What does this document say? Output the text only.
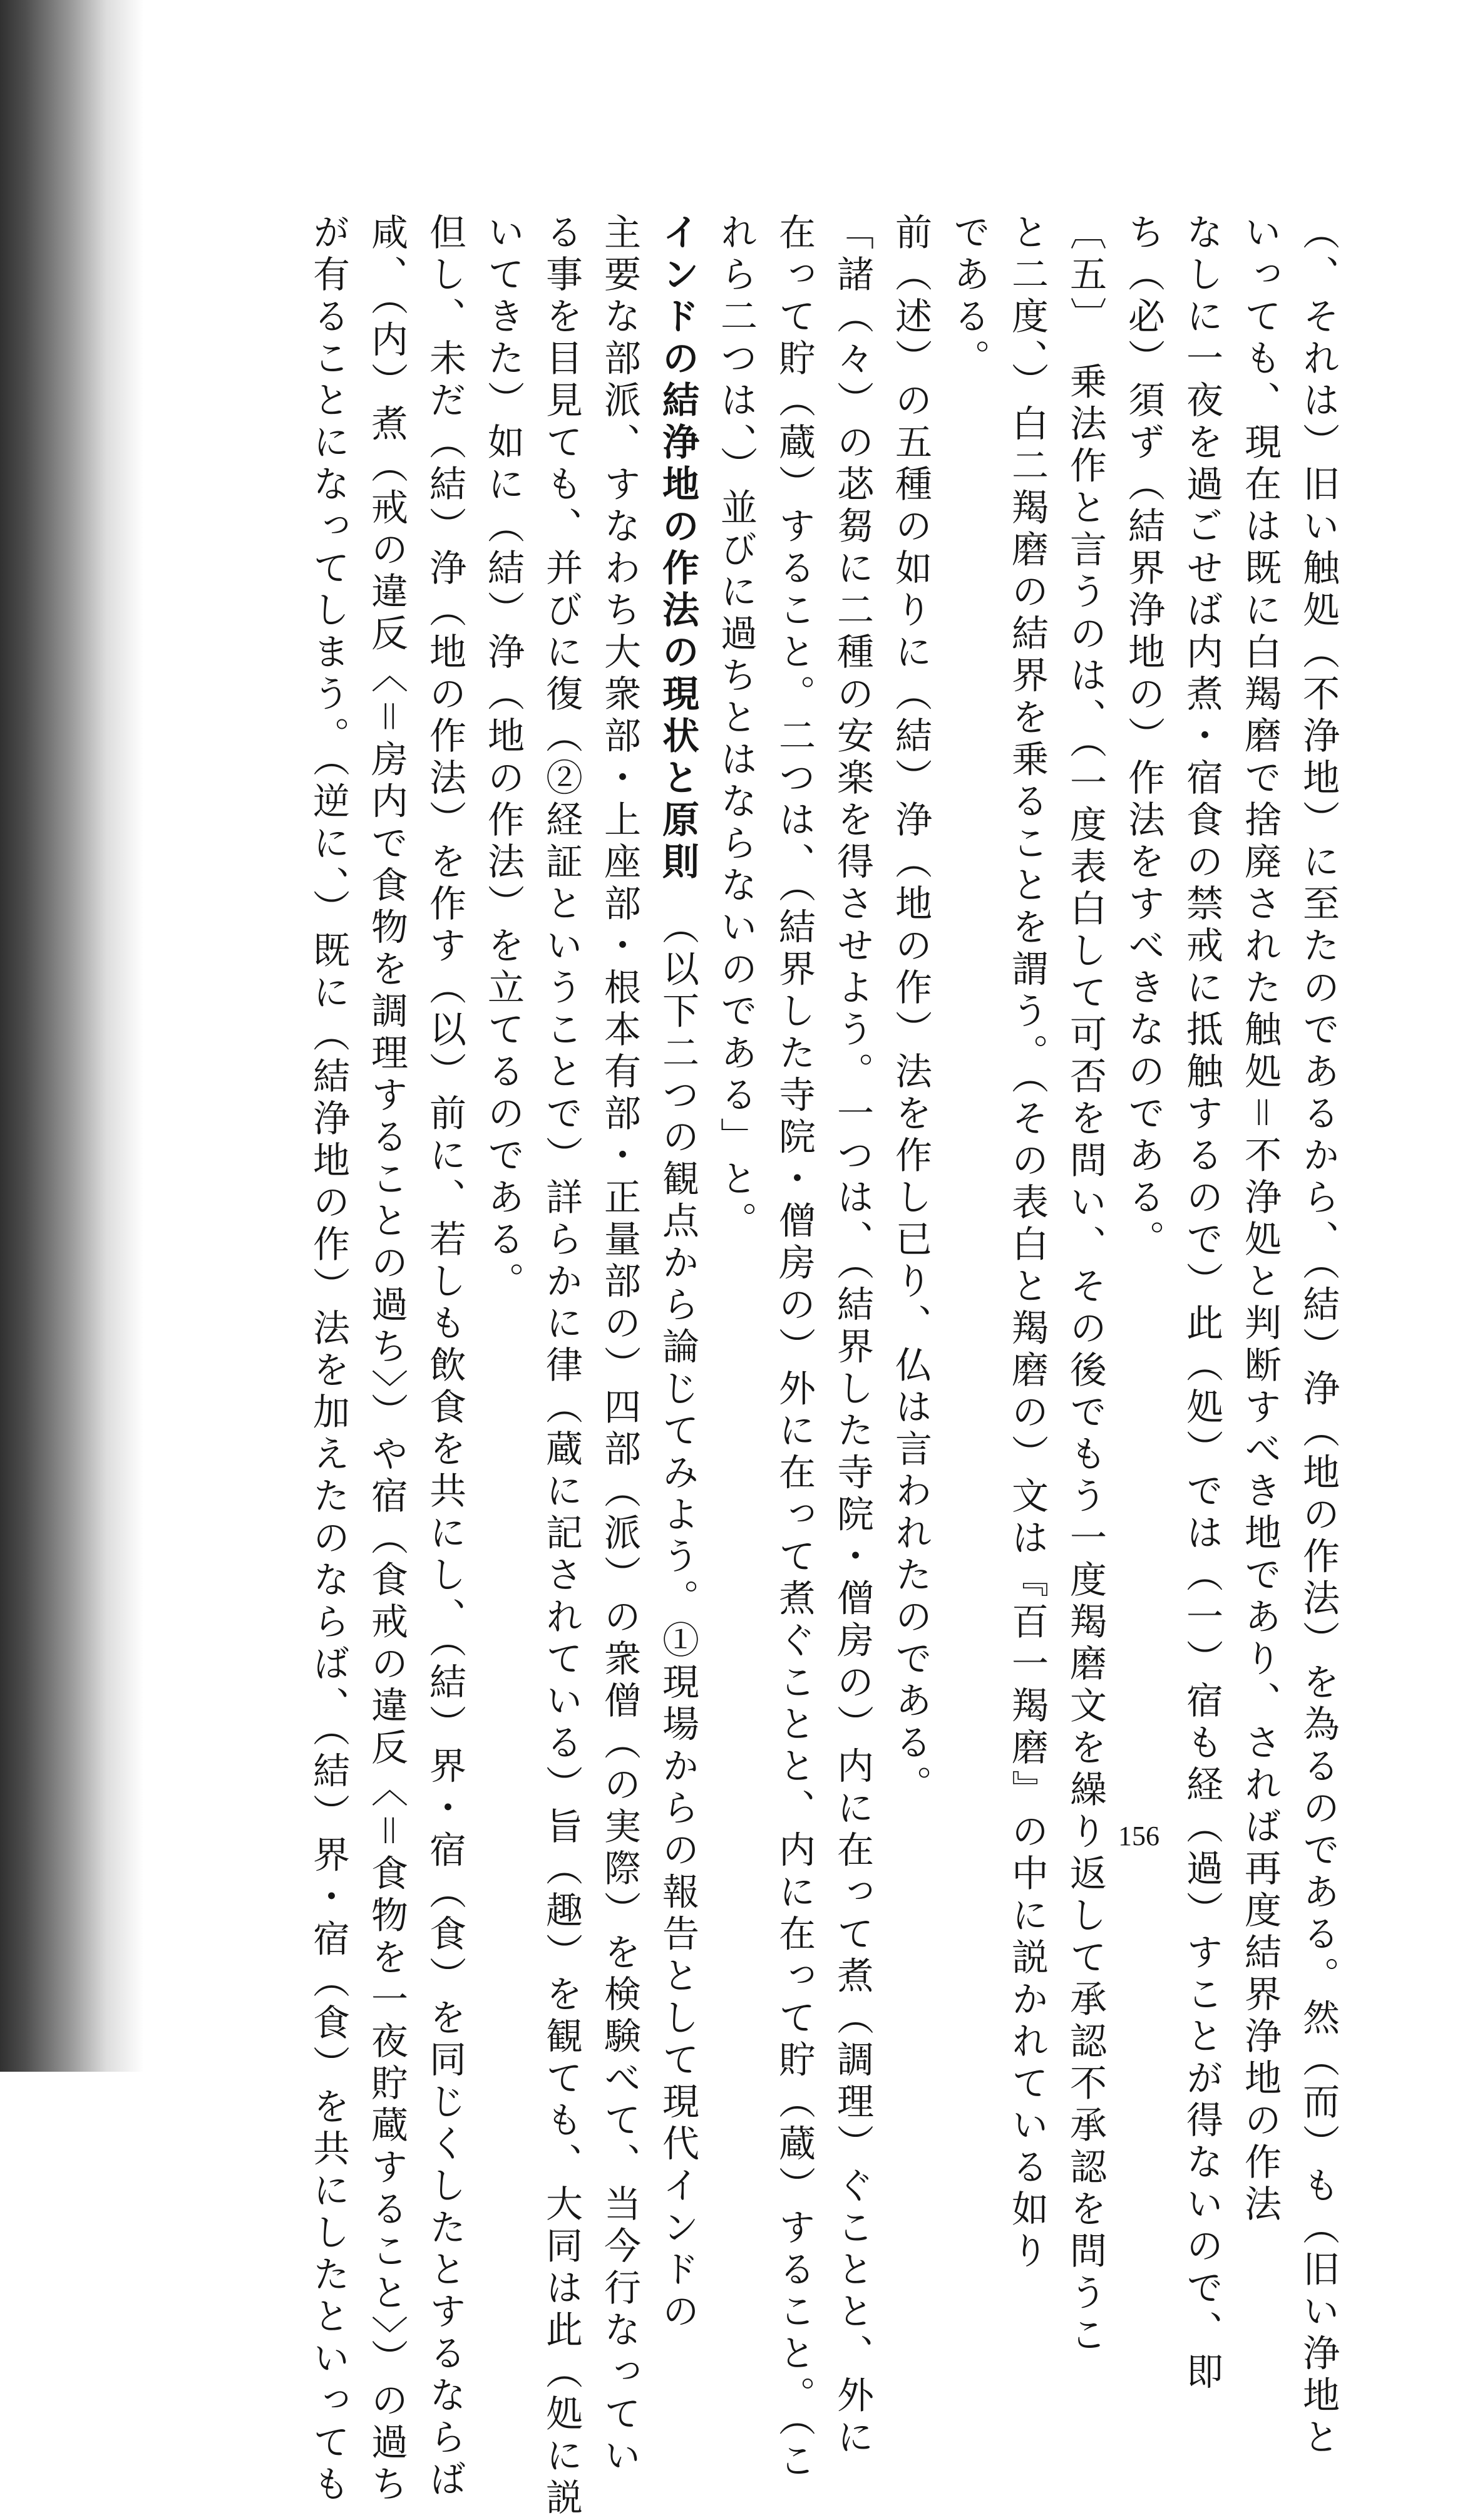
（、それは）旧い触処（不浄地）に至たのであるから、（結）浄（地の作法）を為るのである。然（而）も（旧い浄地と
いっても、現在は既に白羯磨で捨廃された触処＝不浄処と判断すべき地であり、されば再度結界浄地の作法
なしに一夜を過ごせば内煮・宿食の禁戒に抵触するので）此（処）では（一）宿も経（過）すことが得ないので、即
ち（必）須ず（結界浄地の）作法をすべきなのである。
〔五〕　乗法作と言うのは、（一度表白して可否を問い、その後でもう一度羯磨文を繰り返して承認不承認を問うこ
と二度、）白二羯磨の結界を乗ることを謂う。（その表白と羯磨の）文は『百一羯磨』の中に説かれている如り
である。
前（述）の五種の如りに（結）浄（地の作）法を作し已り、仏は言われたのである。
「諸（々）の苾芻に二種の安楽を得させよう。一つは、（結界した寺院・僧房の）内に在って煮（調理）ぐことと、外に
在って貯（蔵）すること。二つは、（結界した寺院・僧房の）外に在って煮ぐことと、内に在って貯（蔵）すること。（こ
れら二つは、）並びに過ちとはならないのである」と。
インドの結浄地の作法の現状と原則　（以下二つの観点から論じてみよう。①現場からの報告として現代インドの
主要な部派、すなわち大衆部・上座部・根本有部・正量部の）四部（派）の衆僧（の実際）を検験べて、当今行なってい
る事を目見ても、并びに復（②経証ということで）詳らかに律（蔵に記されている）旨（趣）を観ても、大同は此（処に説
いてきた）如に（結）浄（地の作法）を立てるのである。
但し、未だ（結）浄（地の作法）を作す（以）前に、若しも飲食を共にし、（結）界・宿（食）を同じくしたとするならば
咸、（内）煮（戒の違反〈＝房内で食物を調理することの過ち〉）や宿（食戒の違反〈＝食物を一夜貯蔵すること〉）の過ち
が有ることになってしまう。（逆に、）既に（結浄地の作）法を加えたのならば、（結）界・宿（食）を共にしたといっても	156
